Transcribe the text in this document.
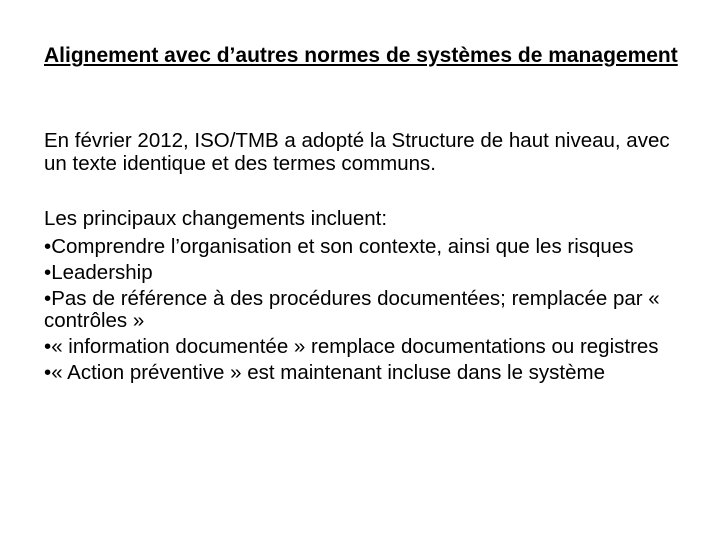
Alignement avec d’autres normes de systèmes de management
En février 2012, ISO/TMB a adopté la Structure de haut niveau, avec un texte identique et des termes communs.
Les principaux changements incluent:
•Comprendre l’organisation et son contexte, ainsi que les risques
•Leadership
•Pas de référence à des procédures documentées; remplacée par « contrôles »
•« information documentée » remplace documentations ou registres
•« Action préventive » est maintenant incluse dans le système
